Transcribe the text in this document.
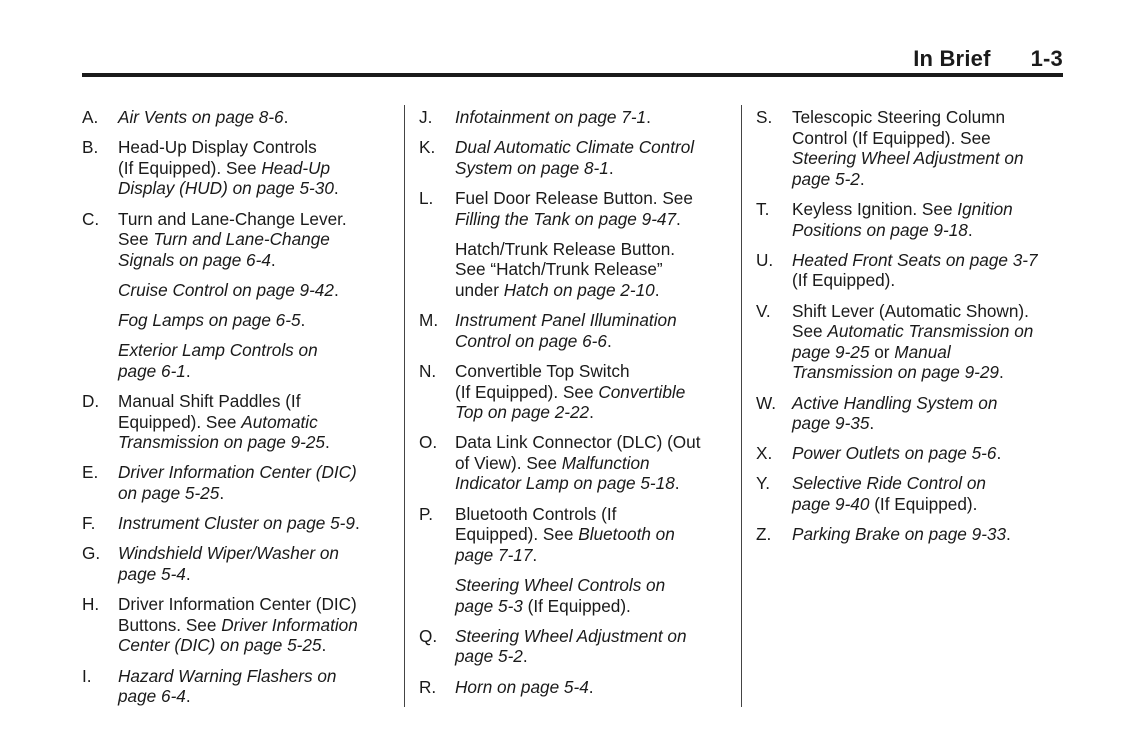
In Brief 1-3
A. Air Vents on page 8-6.
B. Head-Up Display Controls
(If Equipped). See Head-Up
Display (HUD) on page 5-30.
C. Turn and Lane-Change Lever.
See Turn and Lane-Change
Signals on page 6-4.
Cruise Control on page 9-42.
Fog Lamps on page 6-5.
Exterior Lamp Controls on
page 6-1.
D. Manual Shift Paddles (If
Equipped). See Automatic
Transmission on page 9-25.
E. Driver Information Center (DIC)
on page 5-25.
F. Instrument Cluster on page 5-9.
G. Windshield Wiper/Washer on
page 5-4.
H. Driver Information Center (DIC)
Buttons. See Driver Information
Center (DIC) on page 5-25.
I. Hazard Warning Flashers on
page 6-4.
J. Infotainment on page 7-1.
K. Dual Automatic Climate Control
System on page 8-1.
L. Fuel Door Release Button. See
Filling the Tank on page 9-47.
Hatch/Trunk Release Button.
See “Hatch/Trunk Release”
under Hatch on page 2-10.
M. Instrument Panel Illumination
Control on page 6-6.
N. Convertible Top Switch
(If Equipped). See Convertible
Top on page 2-22.
O. Data Link Connector (DLC) (Out
of View). See Malfunction
Indicator Lamp on page 5-18.
P. Bluetooth Controls (If
Equipped). See Bluetooth on
page 7-17.
Steering Wheel Controls on
page 5-3 (If Equipped).
Q. Steering Wheel Adjustment on
page 5-2.
R. Horn on page 5-4.
S. Telescopic Steering Column
Control (If Equipped). See
Steering Wheel Adjustment on
page 5-2.
T. Keyless Ignition. See Ignition
Positions on page 9-18.
U. Heated Front Seats on page 3-7
(If Equipped).
V. Shift Lever (Automatic Shown).
See Automatic Transmission on
page 9-25 or Manual
Transmission on page 9-29.
W. Active Handling System on
page 9-35.
X. Power Outlets on page 5-6.
Y. Selective Ride Control on
page 9-40 (If Equipped).
Z. Parking Brake on page 9-33.
